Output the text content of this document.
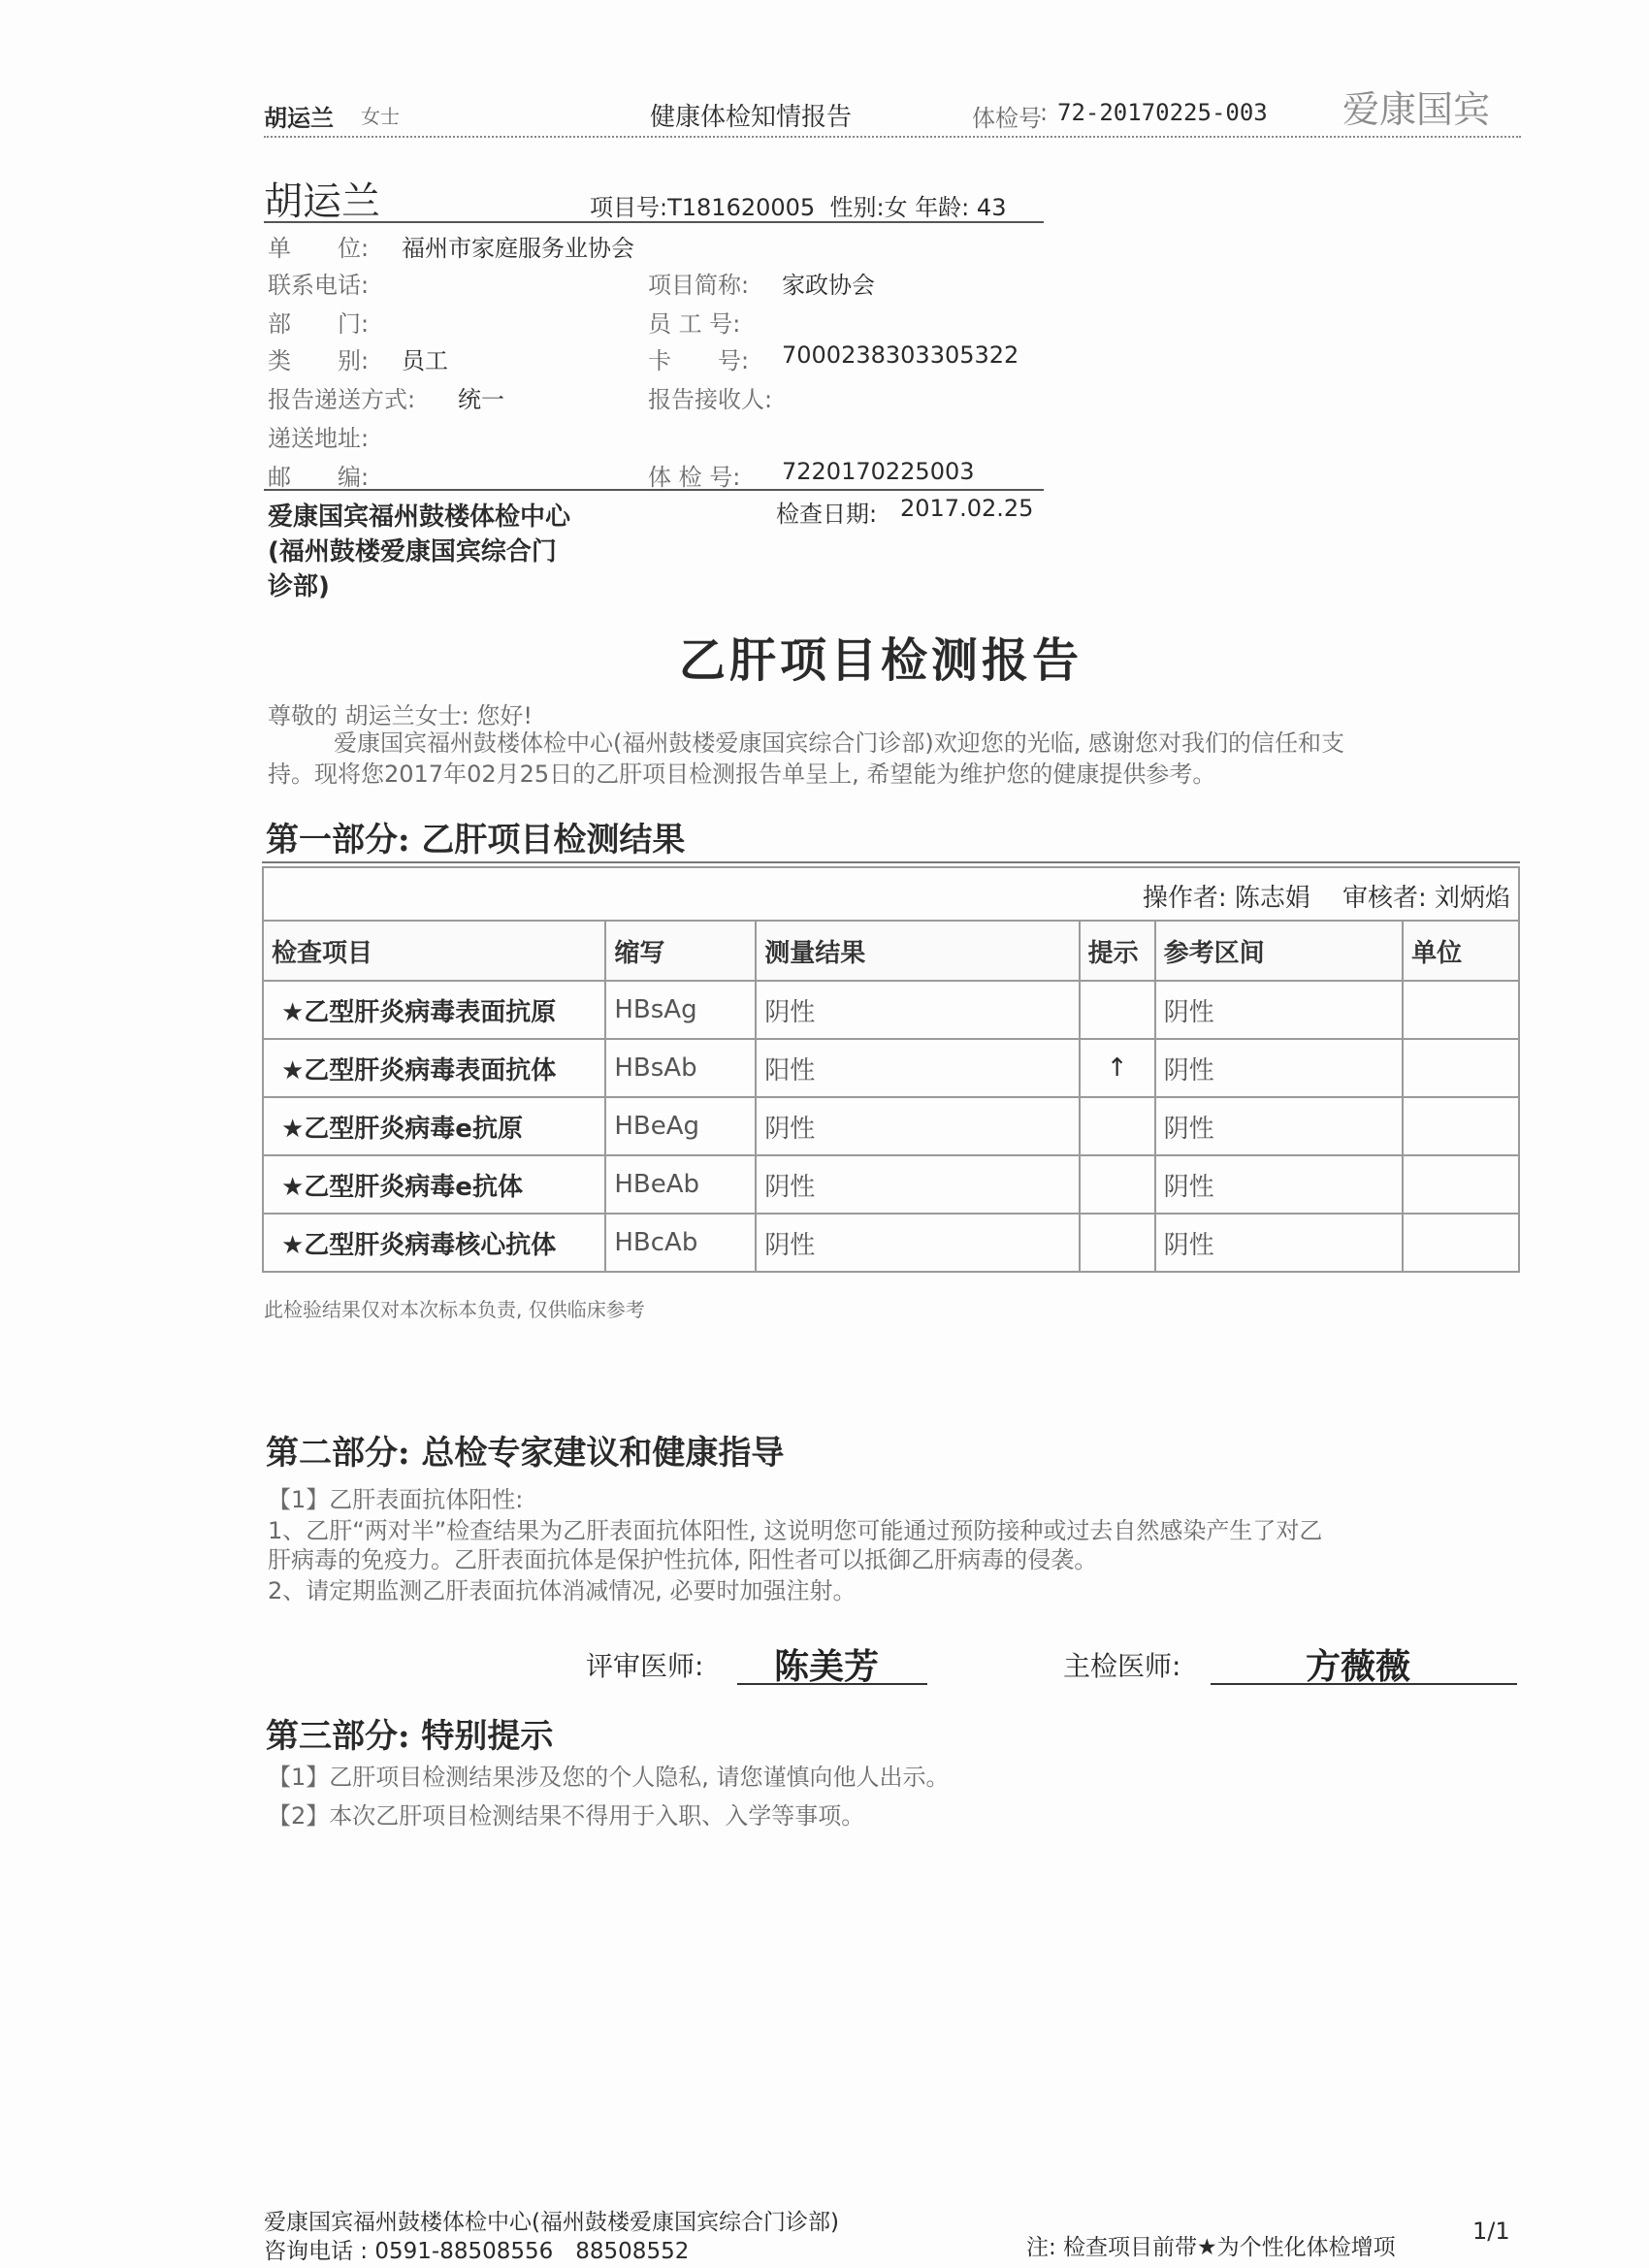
胡运兰 女士	健康体检知情报告	体检号
: 72-20170225-003 爱康国宾
胡运兰	项目号:T181620005 性别:女 年龄: 43
单　　位: 福州市家庭服务业协会
联系电话:	项目简称: 家政协会
部　　门:	员 工 号:
类　　别: 员工	卡　　号: 7000238303305322
报告递送方式: 统一	报告接收人:
递送地址:
邮　　编:	体 检 号: 7220170225003
爱康国宾福州鼓楼体检中心
(福州鼓楼爱康国宾综合门
诊部)
检查日期: 2017.02.25
乙肝项目检测报告
尊敬的 胡运兰女士: 您好!
爱康国宾福州鼓楼体检中心(福州鼓楼爱康国宾综合门诊部)欢迎您的光临, 感谢您对我们的信任和支
持。现将您2017年02月25日的乙肝项目检测报告单呈上, 希望能为维护您的健康提供参考。
第一部分: 乙肝项目检测结果
操作者: 陈志娟 审核者: 刘炳焰
检查项目	缩写	测量结果	提示	参考区间	单位
★乙型肝炎病毒表面抗原	HBsAg	阴性		阴性	
★乙型肝炎病毒表面抗体	HBsAb	阳性	↑	阴性	
★乙型肝炎病毒e抗原	HBeAg	阴性		阴性	
★乙型肝炎病毒e抗体	HBeAb	阴性		阴性	
★乙型肝炎病毒核心抗体	HBcAb	阴性		阴性	
此检验结果仅对本次标本负责, 仅供临床参考
第二部分: 总检专家建议和健康指导
【1】乙肝表面抗体阳性:
1、乙肝“两对半”检查结果为乙肝表面抗体阳性, 这说明您可能通过预防接种或过去自然感染产生了对乙
肝病毒的免疫力。乙肝表面抗体是保护性抗体, 阳性者可以抵御乙肝病毒的侵袭。
2、请定期监测乙肝表面抗体消减情况, 必要时加强注射。
评审医师: 陈美芳	主检医师:	方薇薇
第三部分: 特别提示
【1】乙肝项目检测结果涉及您的个人隐私, 请您谨慎向他人出示。
【2】本次乙肝项目检测结果不得用于入职、入学等事项。
爱康国宾福州鼓楼体检中心(福州鼓楼爱康国宾综合门诊部)
咨询电话 : 0591-88508556　88508552	注: 检查项目前带★为个性化体检增项
1/1
